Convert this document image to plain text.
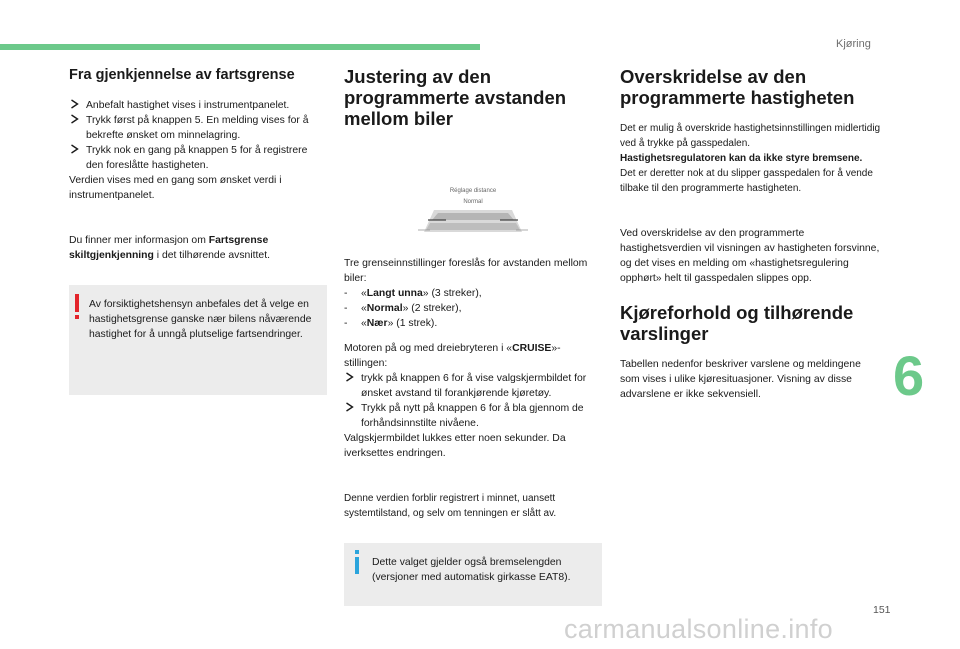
Kjøring
Fra gjenkjennelse av fartsgrense
Anbefalt hastighet vises i instrumentpanelet.
Trykk først på knappen 5. En melding vises for å bekrefte ønsket om minnelagring.
Trykk nok en gang på knappen 5 for å registrere den foreslåtte hastigheten.

Verdien vises med en gang som ønsket verdi i instrumentpanelet.

Du finner mer informasjon om Fartsgrense skiltgjenkjenning i det tilhørende avsnittet.

Av forsiktighetshensyn anbefales det å velge en hastighetsgrense ganske nær bilens nåværende hastighet for å unngå plutselige fartsendringer.
Justering av den programmerte avstanden mellom biler
Réglage distance
Normal

Tre grenseinnstillinger foreslås for avstanden mellom biler:

- «Langt unna» (3 streker),
- «Normal» (2 streker),
- «Nær» (1 strek).

Motoren på og med dreiebryteren i «CRUISE»-stillingen:

trykk på knappen 6 for å vise valgskjermbildet for ønsket avstand til forankjørende kjøretøy.
Trykk på nytt på knappen 6 for å bla gjennom de forhåndsinnstilte nivåene.

Valgskjermbildet lukkes etter noen sekunder. Da iverksettes endringen.

Denne verdien forblir registrert i minnet, uansett systemtilstand, og selv om tenningen er slått av.

Dette valget gjelder også bremselengden (versjoner med automatisk girkasse EAT8).
Overskridelse av den programmerte hastigheten

Det er mulig å overskride hastighetsinnstillingen midlertidig ved å trykke på gasspedalen.

Hastighetsregulatoren kan da ikke styre bremsene.

Det er deretter nok at du slipper gasspedalen for å vende tilbake til den programmerte hastigheten.

Ved overskridelse av den programmerte hastighetsverdien vil visningen av hastigheten forsvinne, og det vises en melding om «hastighetsregulering opphørt» helt til gasspedalen slippes opp.

Kjøreforhold og tilhørende varslinger

Tabellen nedenfor beskriver varslene og meldingene som vises i ulike kjøresituasjoner. Visning av disse advarslene er ikke sekvensiell.	6
151
carmanualsonline.info
